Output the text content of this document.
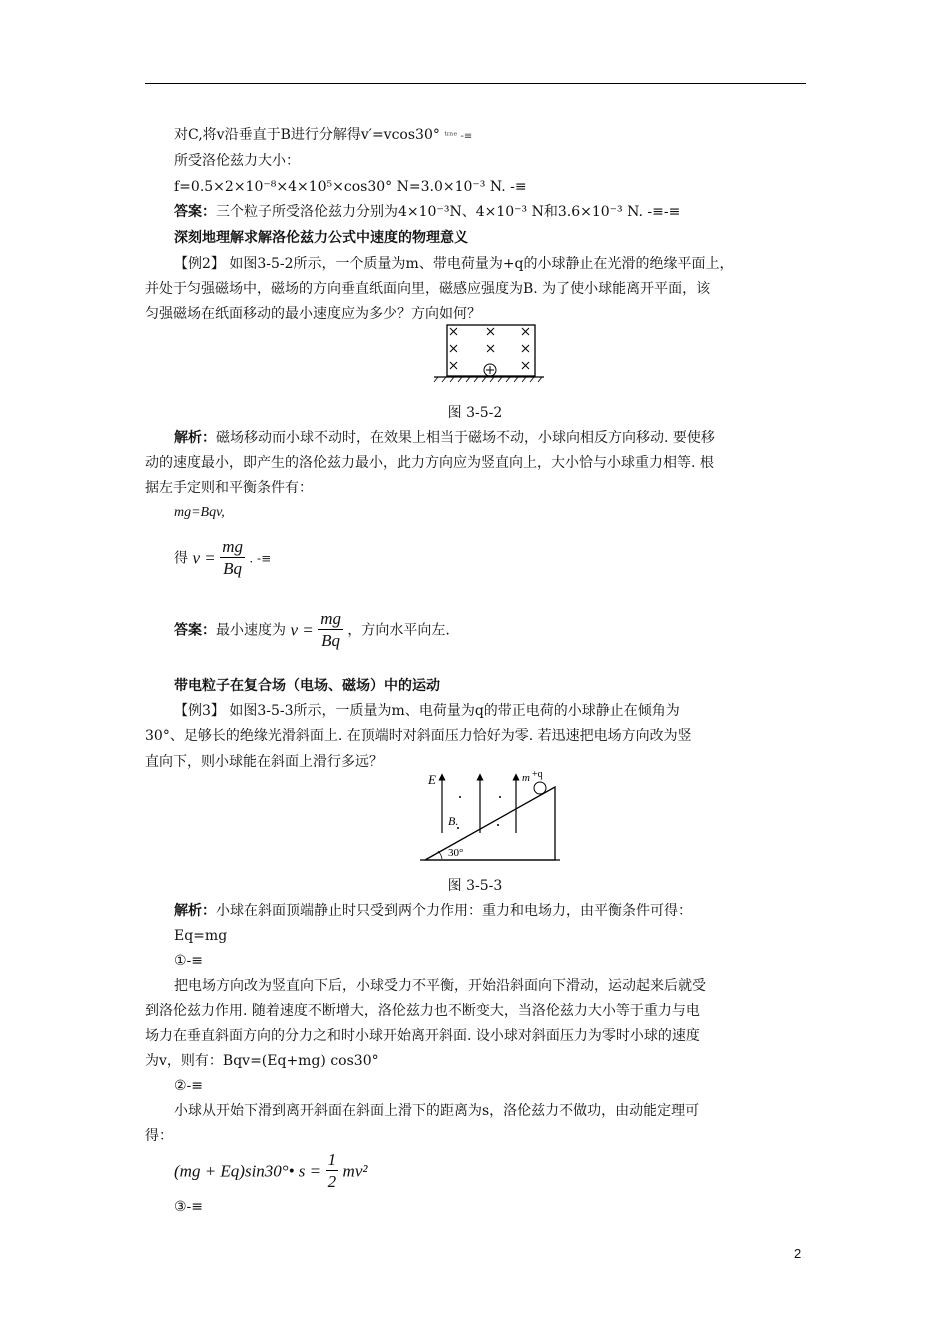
对C,将v沿垂直于B进行分解得v′=vcos30° ᵗᶦⁿᵉ -≡
所受洛伦兹力大小：
f=0.5×2×10⁻⁸×4×10⁵×cos30° N=3.0×10⁻³ N. -≡
答案：三个粒子所受洛伦兹力分别为4×10⁻³N、4×10⁻³ N和3.6×10⁻³ N. -≡-≡
深刻地理解求解洛伦兹力公式中速度的物理意义
【例2】 如图3-5-2所示，一个质量为m、带电荷量为+q的小球静止在光滑的绝缘平面上，
并处于匀强磁场中，磁场的方向垂直纸面向里，磁感应强度为B. 为了使小球能离开平面，该
匀强磁场在纸面移动的最小速度应为多少？方向如何？
图 3-5-2
解析：磁场移动而小球不动时，在效果上相当于磁场不动，小球向相反方向移动. 要使移
动的速度最小，即产生的洛伦兹力最小，此力方向应为竖直向上，大小恰与小球重力相等. 根
据左手定则和平衡条件有：
mg=Bqv,
得 $v = \frac{mg}{Bq}$ . -≡
答案：最小速度为 $v = \frac{mg}{Bq}$ ，方向水平向左.
带电粒子在复合场（电场、磁场）中的运动
【例3】 如图3-5-3所示，一质量为m、电荷量为q的带正电荷的小球静止在倾角为
30°、足够长的绝缘光滑斜面上. 在顶端时对斜面压力恰好为零. 若迅速把电场方向改为竖
直向下，则小球能在斜面上滑行多远？
E
B.
m +q
30°
图 3-5-3
解析：小球在斜面顶端静止时只受到两个力作用：重力和电场力，由平衡条件可得：
Eq=mg
①-≡
把电场方向改为竖直向下后，小球受力不平衡，开始沿斜面向下滑动，运动起来后就受
到洛伦兹力作用. 随着速度不断增大，洛伦兹力也不断变大，当洛伦兹力大小等于重力与电
场力在垂直斜面方向的分力之和时小球开始离开斜面. 设小球对斜面压力为零时小球的速度
为v，则有：Bqv=(Eq+mg) cos30°
②-≡
小球从开始下滑到离开斜面在斜面上滑下的距离为s，洛伦兹力不做功，由动能定理可
得：
(mg + Eq)sin30°• $s = \frac{1}{2} mv^2$
③-≡
2
